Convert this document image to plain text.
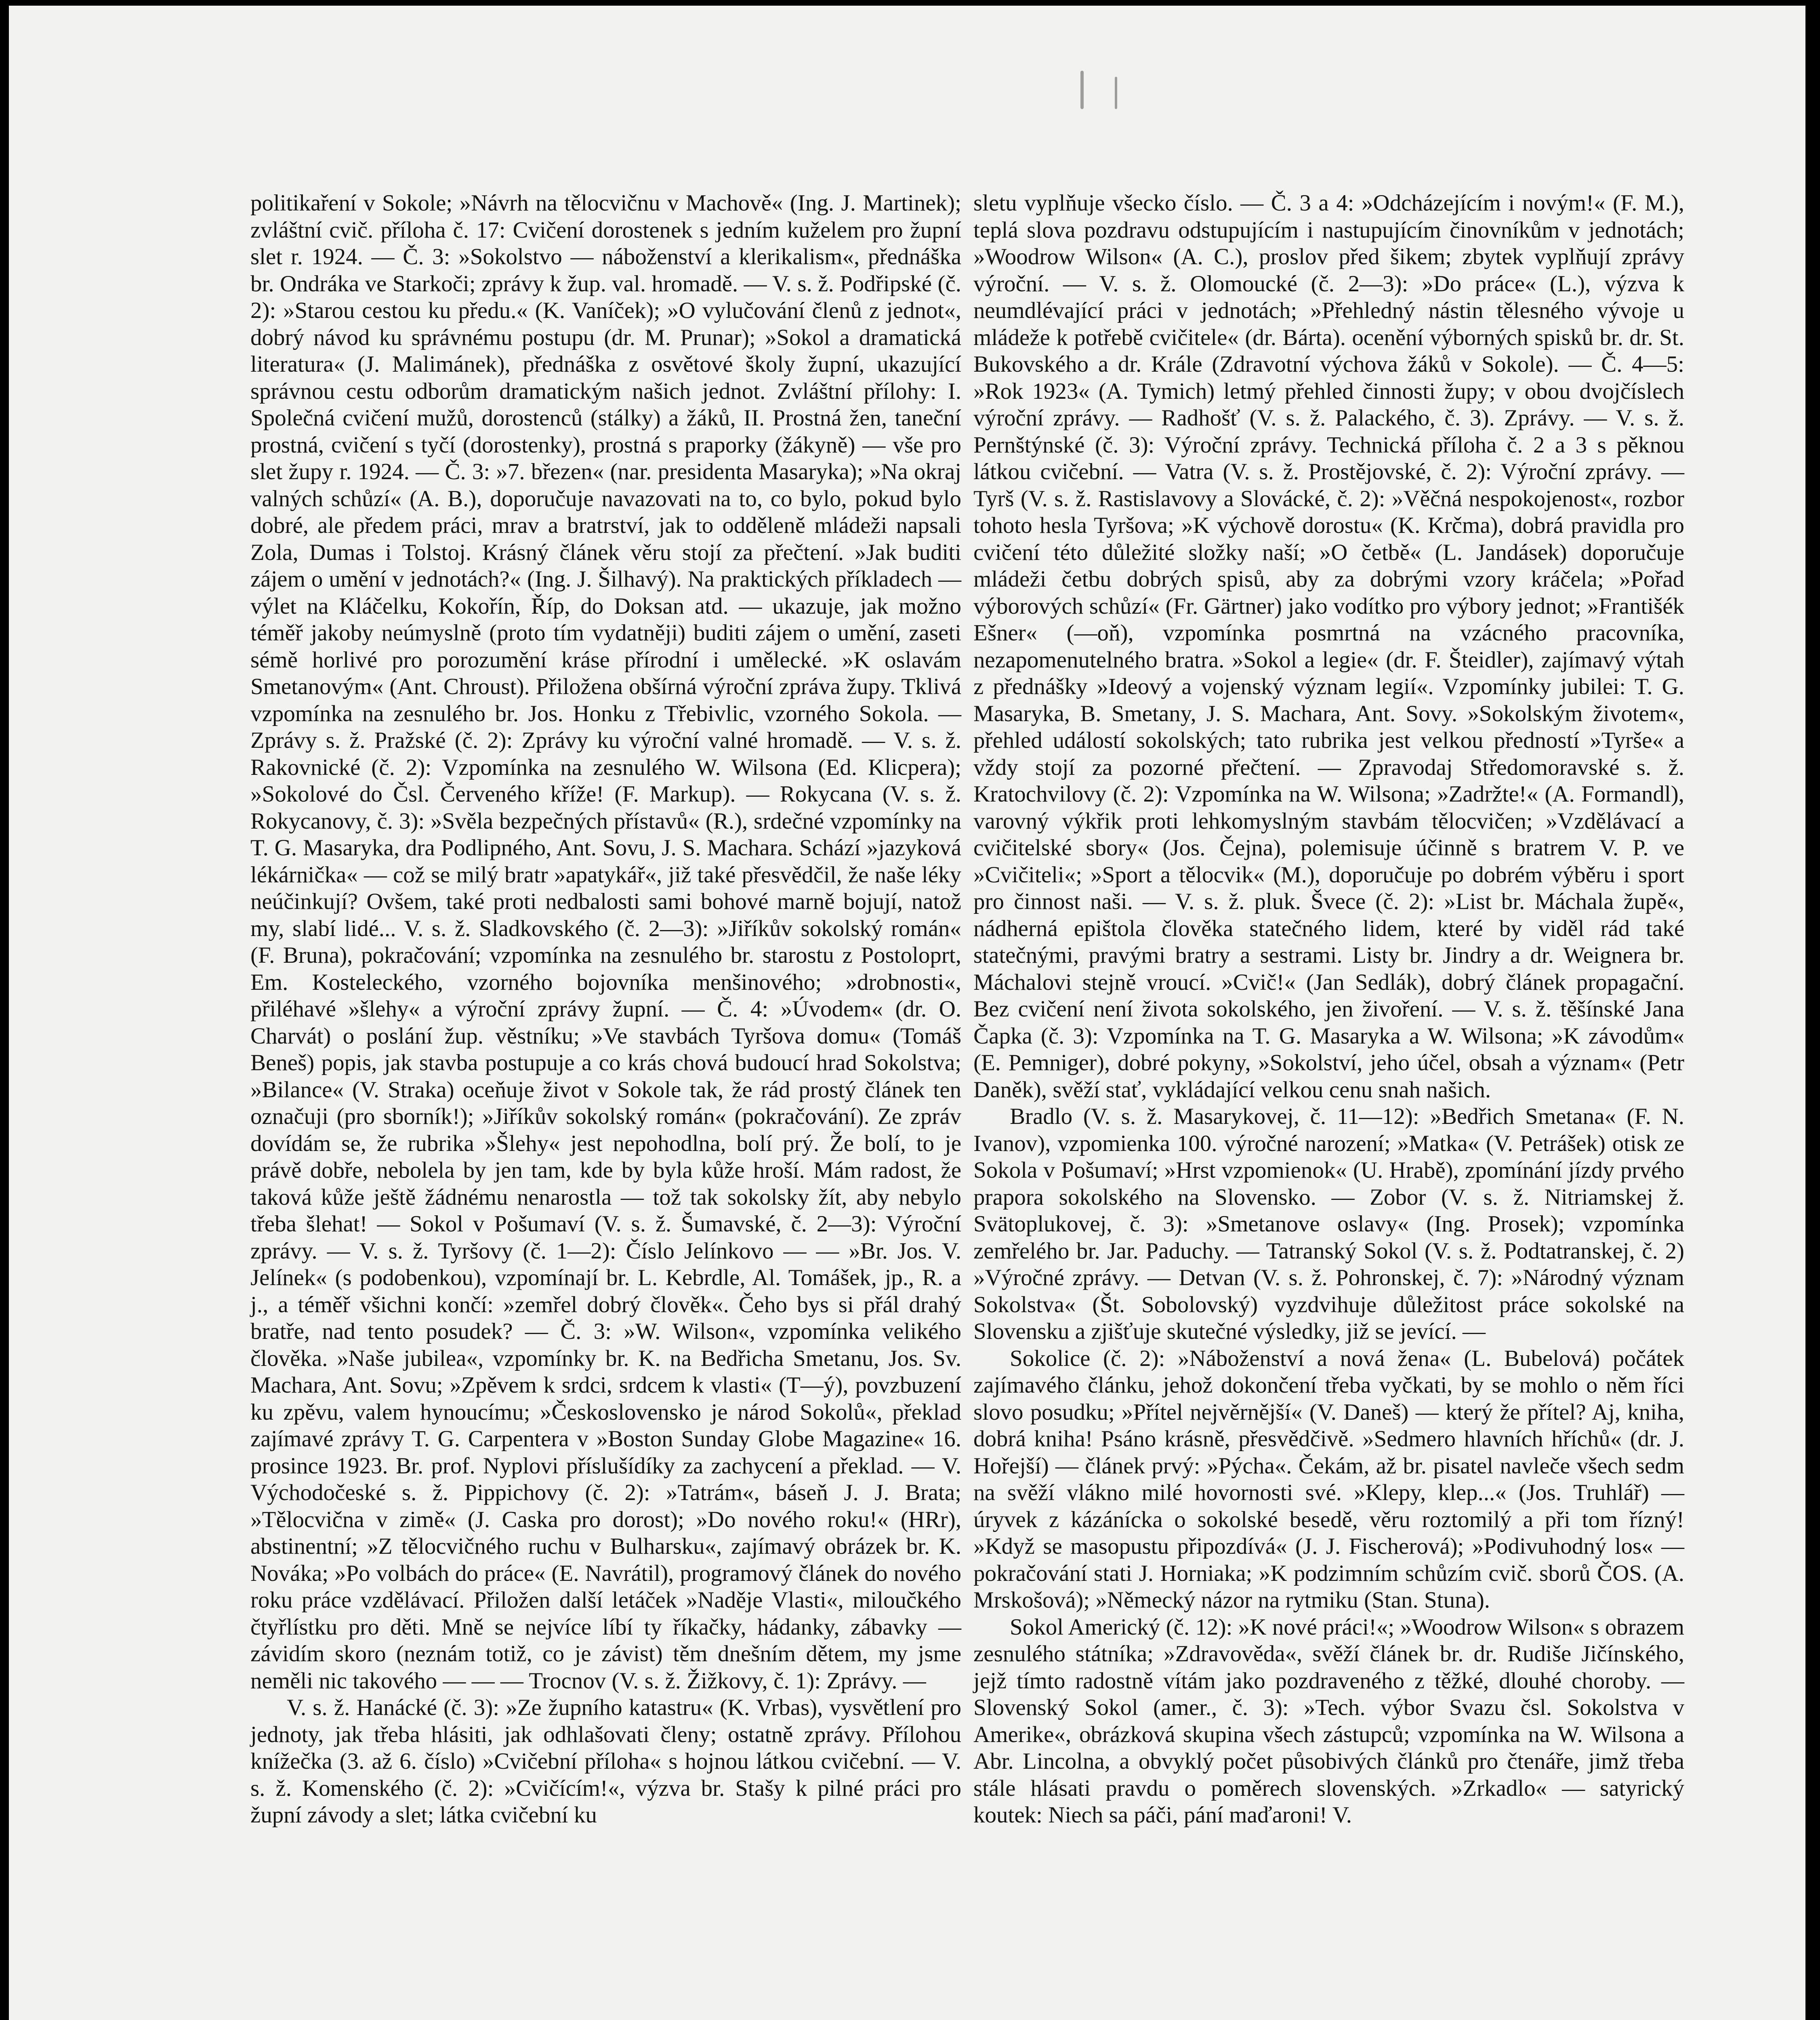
politikaření v Sokole; »Návrh na tělocvičnu v Machově« (Ing. J. Martinek); zvláštní cvič. příloha č. 17: Cvičení dorostenek s jedním kuželem pro župní slet r. 1924. — Č. 3: »Sokolstvo — náboženství a klerikalism«, přednáška br. Ondráka ve Starkoči; zprávy k žup. val. hromadě. — V. s. ž. Podřipské (č. 2): »Starou cestou ku předu.« (K. Vaníček); »O vylučování členů z jednot«, dobrý návod ku správnému postupu (dr. M. Prunar); »Sokol a dramatická literatura« (J. Malimánek), přednáška z osvětové školy župní, ukazující správnou cestu odborům dramatickým našich jednot. Zvláštní přílohy: I. Společná cvičení mužů, dorostenců (stálky) a žáků, II. Prostná žen, taneční prostná, cvičení s tyčí (dorostenky), prostná s praporky (žákyně) — vše pro slet župy r. 1924. — Č. 3: »7. březen« (nar. presidenta Masaryka); »Na okraj valných schůzí« (A. B.), doporučuje navazovati na to, co bylo, pokud bylo dobré, ale předem práci, mrav a bratrství, jak to odděleně mládeži napsali Zola, Dumas i Tolstoj. Krásný článek věru stojí za přečtení. »Jak buditi zájem o umění v jednotách?« (Ing. J. Šilhavý). Na praktických příkladech — výlet na Kláčelku, Kokořín, Říp, do Doksan atd. — ukazuje, jak možno téměř jakoby neúmyslně (proto tím vydatněji) buditi zájem o umění, zaseti sémě horlivé pro porozumění kráse přírodní i umělecké. »K oslavám Smetanovým« (Ant. Chroust). Přiložena obšírná výroční zpráva župy. Tklivá vzpomínka na zesnulého br. Jos. Honku z Třebivlic, vzorného Sokola. — Zprávy s. ž. Pražské (č. 2): Zprávy ku výroční valné hromadě. — V. s. ž. Rakovnické (č. 2): Vzpomínka na zesnulého W. Wilsona (Ed. Klicpera); »Sokolové do Čsl. Červeného kříže! (F. Markup). — Rokycana (V. s. ž. Rokycanovy, č. 3): »Svěla bezpečných přístavů« (R.), srdečné vzpomínky na T. G. Masaryka, dra Podlipného, Ant. Sovu, J. S. Machara. Schází »jazyková lékárnička« — což se milý bratr »apatykář«, již také přesvědčil, že naše léky neúčinkují? Ovšem, také proti nedbalosti sami bohové marně bojují, natož my, slabí lidé... V. s. ž. Sladkovského (č. 2—3): »Jiříkův sokolský román« (F. Bruna), pokračování; vzpomínka na zesnulého br. starostu z Postoloprt, Em. Kosteleckého, vzorného bojovníka menšinového; »drobnosti«, přiléhavé »šlehy« a výroční zprávy župní. — Č. 4: »Úvodem« (dr. O. Charvát) o poslání žup. věstníku; »Ve stavbách Tyršova domu« (Tomáš Beneš) popis, jak stavba postupuje a co krás chová budoucí hrad Sokolstva; »Bilance« (V. Straka) oceňuje život v Sokole tak, že rád prostý článek ten označuji (pro sborník!); »Jiříkův sokolský román« (pokračování). Ze zpráv dovídám se, že rubrika »Šlehy« jest nepohodlna, bolí prý. Že bolí, to je právě dobře, nebolela by jen tam, kde by byla kůže hroší. Mám radost, že taková kůže ještě žádnému nenarostla — tož tak sokolsky žít, aby nebylo třeba šlehat! — Sokol v Pošumaví (V. s. ž. Šumavské, č. 2—3): Výroční zprávy. — V. s. ž. Tyršovy (č. 1—2): Číslo Jelínkovo — — »Br. Jos. V. Jelínek« (s podobenkou), vzpomínají br. L. Kebrdle, Al. Tomášek, jp., R. a j., a téměř všichni končí: »zemřel dobrý člověk«. Čeho bys si přál drahý bratře, nad tento posudek? — Č. 3: »W. Wilson«, vzpomínka velikého člověka. »Naše jubilea«, vzpomínky br. K. na Bedřicha Smetanu, Jos. Sv. Machara, Ant. Sovu; »Zpěvem k srdci, srdcem k vlasti« (T—ý), povzbuzení ku zpěvu, valem hynoucímu; »Československo je národ Sokolů«, překlad zajímavé zprávy T. G. Carpentera v »Boston Sunday Globe Magazine« 16. prosince 1923. Br. prof. Nyplovi příslušídíky za zachycení a překlad. — V. Východočeské s. ž. Pippichovy (č. 2): »Tatrám«, báseň J. J. Brata; »Tělocvična v zimě« (J. Caska pro dorost); »Do nového roku!« (HRr), abstinentní; »Z tělocvičného ruchu v Bulharsku«, zajímavý obrázek br. K. Nováka; »Po volbách do práce« (E. Navrátil), programový článek do nového roku práce vzdělávací. Přiložen další letáček »Naděje Vlasti«, miloučkého čtyřlístku pro děti. Mně se nejvíce líbí ty říkačky, hádanky, zábavky — závidím skoro (neznám totiž, co je závist) těm dnešním dětem, my jsme neměli nic takového — — — Trocnov (V. s. ž. Žižkovy, č. 1): Zprávy. —

V. s. ž. Hanácké (č. 3): »Ze župního katastru« (K. Vrbas), vysvětlení pro jednoty, jak třeba hlásiti, jak odhlašovati členy; ostatně zprávy. Přílohou knížečka (3. až 6. číslo) »Cvičební příloha« s hojnou látkou cvičební. — V. s. ž. Komenského (č. 2): »Cvičícím!«, výzva br. Stašy k pilné práci pro župní závody a slet; látka cvičební ku

sletu vyplňuje všecko číslo. — Č. 3 a 4: »Odcházejícím i novým!« (F. M.), teplá slova pozdravu odstupujícím i nastupujícím činovníkům v jednotách; »Woodrow Wilson« (A. C.), proslov před šikem; zbytek vyplňují zprávy výroční. — V. s. ž. Olomoucké (č. 2—3): »Do práce« (L.), výzva k neumdlévající práci v jednotách; »Přehledný nástin tělesného vývoje u mládeže k potřebě cvičitele« (dr. Bárta). ocenění výborných spisků br. dr. St. Bukovského a dr. Krále (Zdravotní výchova žáků v Sokole). — Č. 4—5: »Rok 1923« (A. Tymich) letmý přehled činnosti župy; v obou dvojčíslech výroční zprávy. — Radhošť (V. s. ž. Palackého, č. 3). Zprávy. — V. s. ž. Pernštýnské (č. 3): Výroční zprávy. Technická příloha č. 2 a 3 s pěknou látkou cvičební. — Vatra (V. s. ž. Prostějovské, č. 2): Výroční zprávy. — Tyrš (V. s. ž. Rastislavovy a Slovácké, č. 2): »Věčná nespokojenost«, rozbor tohoto hesla Tyršova; »K výchově dorostu« (K. Krčma), dobrá pravidla pro cvičení této důležité složky naší; »O četbě« (L. Jandásek) doporučuje mládeži četbu dobrých spisů, aby za dobrými vzory kráčela; »Pořad výborových schůzí« (Fr. Gärtner) jako vodítko pro výbory jednot; »Františék Ešner« (—oň), vzpomínka posmrtná na vzácného pracovníka, nezapomenutelného bratra. »Sokol a legie« (dr. F. Šteidler), zajímavý výtah z přednášky »Ideový a vojenský význam legií«. Vzpomínky jubilei: T. G. Masaryka, B. Smetany, J. S. Machara, Ant. Sovy. »Sokolským životem«, přehled událostí sokolských; tato rubrika jest velkou předností »Tyrše« a vždy stojí za pozorné přečtení. — Zpravodaj Středomoravské s. ž. Kratochvilovy (č. 2): Vzpomínka na W. Wilsona; »Zadržte!« (A. Formandl), varovný výkřik proti lehkomyslným stavbám tělocvičen; »Vzdělávací a cvičitelské sbory« (Jos. Čejna), polemisuje účinně s bratrem V. P. ve »Cvičiteli«; »Sport a tělocvik« (M.), doporučuje po dobrém výběru i sport pro činnost naši. — V. s. ž. pluk. Švece (č. 2): »List br. Máchala župě«, nádherná epištola člověka statečného lidem, které by viděl rád také statečnými, pravými bratry a sestrami. Listy br. Jindry a dr. Weignera br. Máchalovi stejně vroucí. »Cvič!« (Jan Sedlák), dobrý článek propagační. Bez cvičení není života sokolského, jen živoření. — V. s. ž. těšínské Jana Čapka (č. 3): Vzpomínka na T. G. Masaryka a W. Wilsona; »K závodům« (E. Pemniger), dobré pokyny, »Sokolství, jeho účel, obsah a význam« (Petr Daněk), svěží stať, vykládající velkou cenu snah našich.

Bradlo (V. s. ž. Masarykovej, č. 11—12): »Bedřich Smetana« (F. N. Ivanov), vzpomienka 100. výročné narození; »Matka« (V. Petrášek) otisk ze Sokola v Pošumaví; »Hrst vzpomienok« (U. Hrabě), zpomínání jízdy prvého prapora sokolského na Slovensko. — Zobor (V. s. ž. Nitriamskej ž. Svätoplukovej, č. 3): »Smetanove oslavy« (Ing. Prosek); vzpomínka zemřelého br. Jar. Paduchy. — Tatranský Sokol (V. s. ž. Podtatranskej, č. 2) »Výročné zprávy. — Detvan (V. s. ž. Pohronskej, č. 7): »Národný význam Sokolstva« (Št. Sobolovský) vyzdvihuje důležitost práce sokolské na Slovensku a zjišťuje skutečné výsledky, již se jevící. —

Sokolice (č. 2): »Náboženství a nová žena« (L. Bubelová) počátek zajímavého článku, jehož dokončení třeba vyčkati, by se mohlo o něm říci slovo posudku; »Přítel nejvěrnější« (V. Daneš) — který že přítel? Aj, kniha, dobrá kniha! Psáno krásně, přesvědčivě. »Sedmero hlavních hříchů« (dr. J. Hořejší) — článek prvý: »Pýcha«. Čekám, až br. pisatel navleče všech sedm na svěží vlákno milé hovornosti své. »Klepy, klep...« (Jos. Truhlář) — úryvek z kázánícka o sokolské besedě, věru roztomilý a při tom řízný! »Když se masopustu připozdívá« (J. J. Fischerová); »Podivuhodný los« — pokračování stati J. Horniaka; »K podzimním schůzím cvič. sborů ČOS. (A. Mrskošová); »Německý názor na rytmiku (Stan. Stuna).

Sokol Americký (č. 12): »K nové práci!«; »Woodrow Wilson« s obrazem zesnulého státníka; »Zdravověda«, svěží článek br. dr. Rudiše Jičínského, jejž tímto radostně vítám jako pozdraveného z těžké, dlouhé choroby. — Slovenský Sokol (amer., č. 3): »Tech. výbor Svazu čsl. Sokolstva v Amerike«, obrázková skupina všech zástupců; vzpomínka na W. Wilsona a Abr. Lincolna, a obvyklý počet působivých článků pro čtenáře, jimž třeba stále hlásati pravdu o poměrech slovenských. »Zrkadlo« — satyrický koutek: Niech sa páči, pání maďaroni! V.
